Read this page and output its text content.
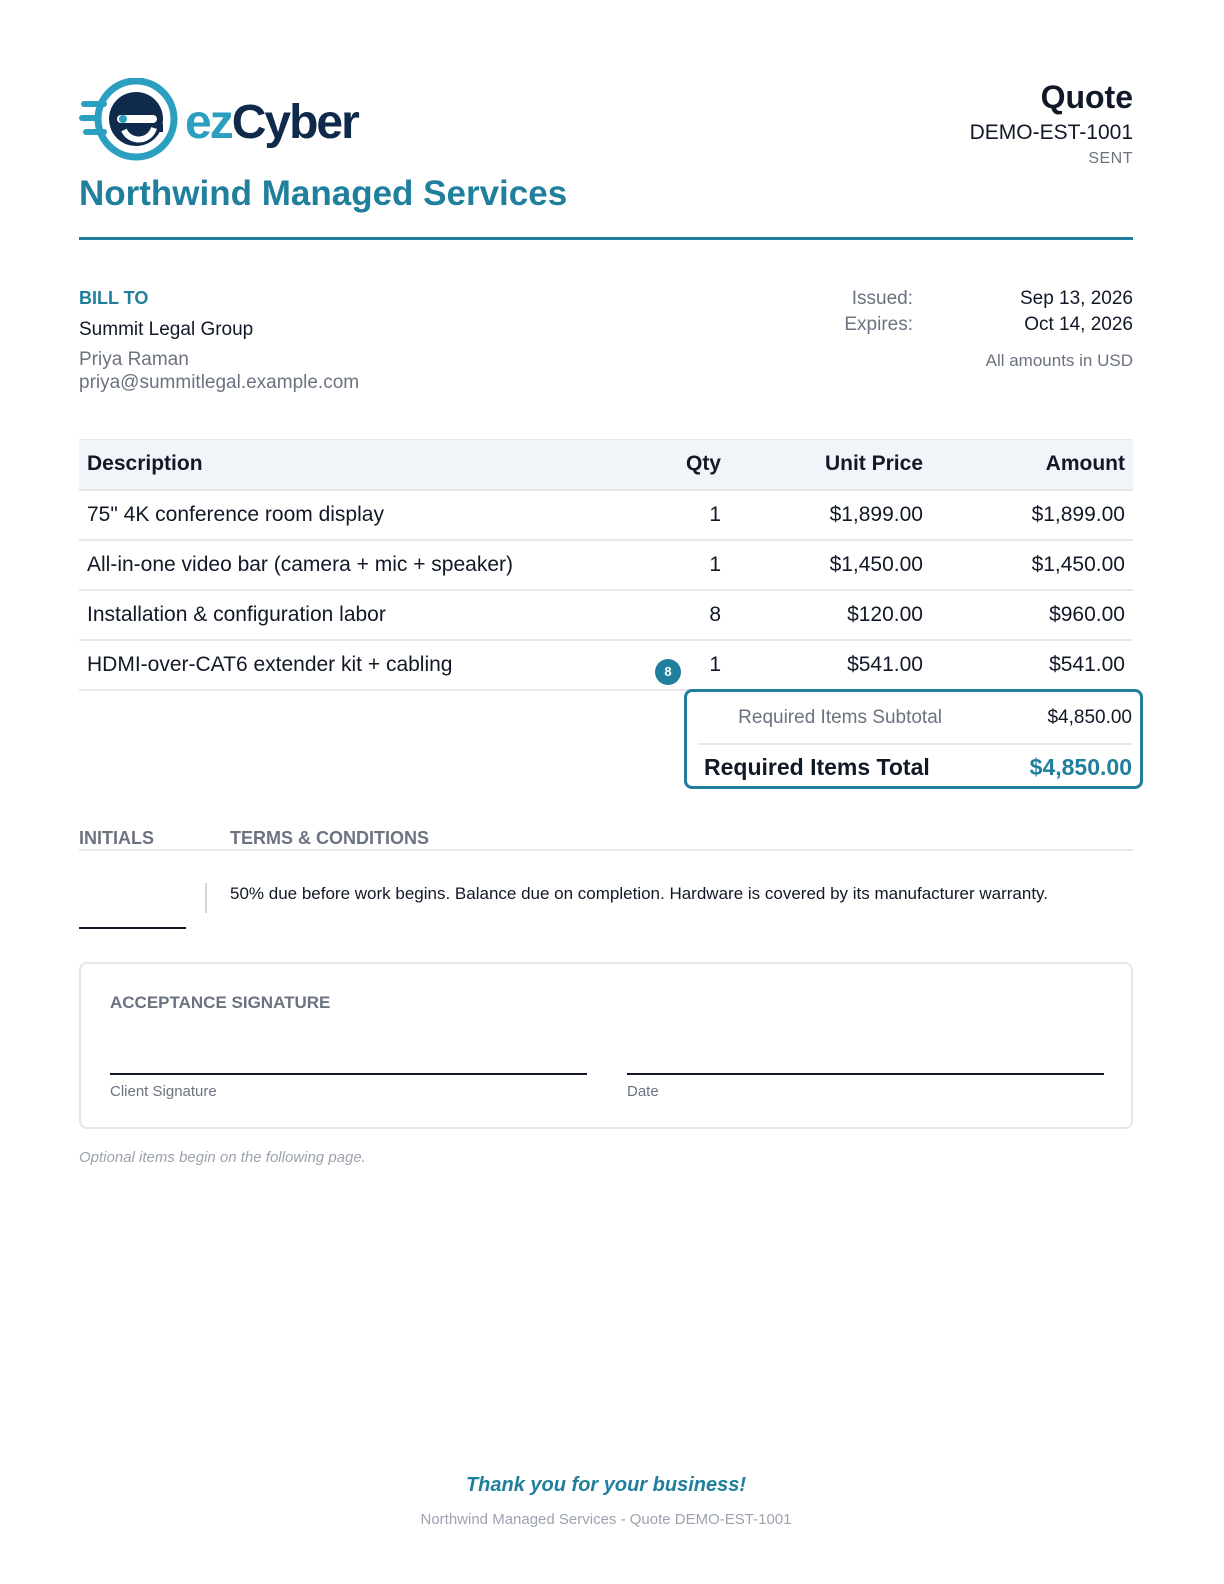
ezCyber
Northwind Managed Services
Quote
DEMO-EST-1001
SENT
BILL TO
Summit Legal Group
Priya Raman
priya@summitlegal.example.com
Issued:	Sep 13, 2026
Expires:	Oct 14, 2026
All amounts in USD
Description	Qty	Unit Price	Amount
75" 4K conference room display	1	$1,899.00	$1,899.00
All-in-one video bar (camera + mic + speaker)	1	$1,450.00	$1,450.00
Installation & configuration labor	8	$120.00	$960.00
HDMI-over-CAT6 extender kit + cabling	1	$541.00	$541.00
8
Required Items Subtotal	$4,850.00
Required Items Total	$4,850.00
INITIALS	TERMS & CONDITIONS
50% due before work begins. Balance due on completion. Hardware is covered by its manufacturer warranty.
ACCEPTANCE SIGNATURE
Client Signature	Date
Optional items begin on the following page.
Thank you for your business!
Northwind Managed Services - Quote DEMO-EST-1001
